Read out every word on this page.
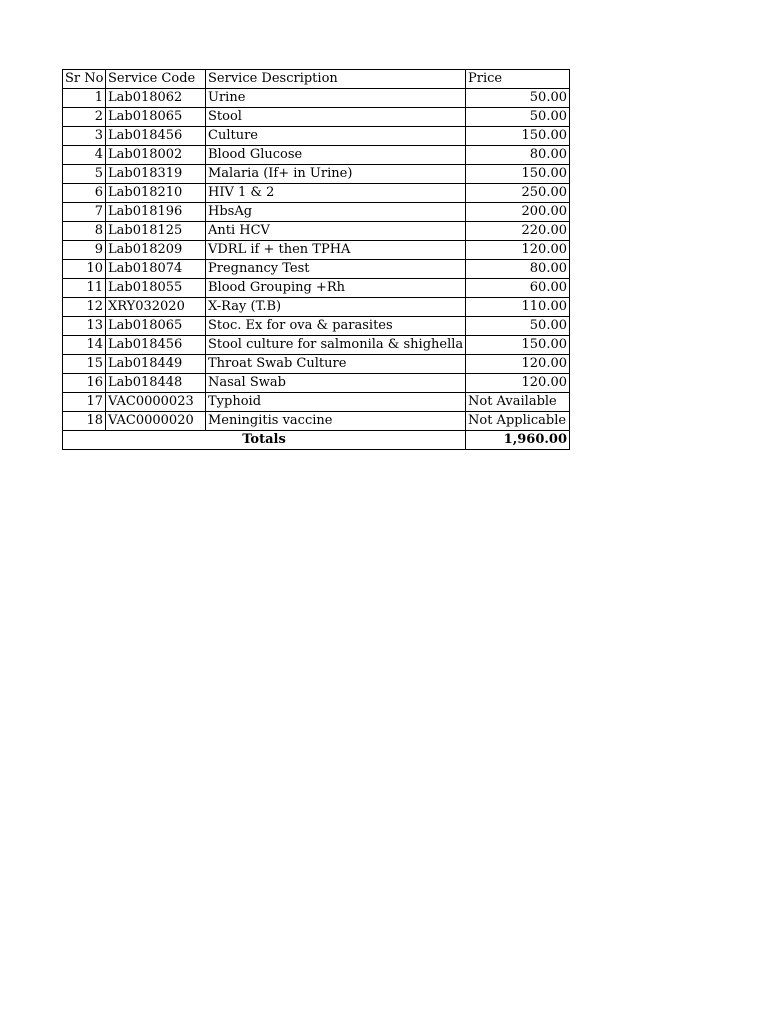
Sr No	Service Code	Service Description	Price
1	Lab018062	Urine	50.00
2	Lab018065	Stool	50.00
3	Lab018456	Culture	150.00
4	Lab018002	Blood Glucose	80.00
5	Lab018319	Malaria (If+ in Urine)	150.00
6	Lab018210	HIV 1 & 2	250.00
7	Lab018196	HbsAg	200.00
8	Lab018125	Anti HCV	220.00
9	Lab018209	VDRL if + then TPHA	120.00
10	Lab018074	Pregnancy Test	80.00
11	Lab018055	Blood Grouping +Rh	60.00
12	XRY032020	X-Ray (T.B)	110.00
13	Lab018065	Stoc. Ex for ova & parasites	50.00
14	Lab018456	Stool culture for salmonila & shighella	150.00
15	Lab018449	Throat Swab Culture	120.00
16	Lab018448	Nasal Swab	120.00
17	VAC0000023	Typhoid	Not Available
18	VAC0000020	Meningitis vaccine	Not Applicable
Totals			1,960.00
